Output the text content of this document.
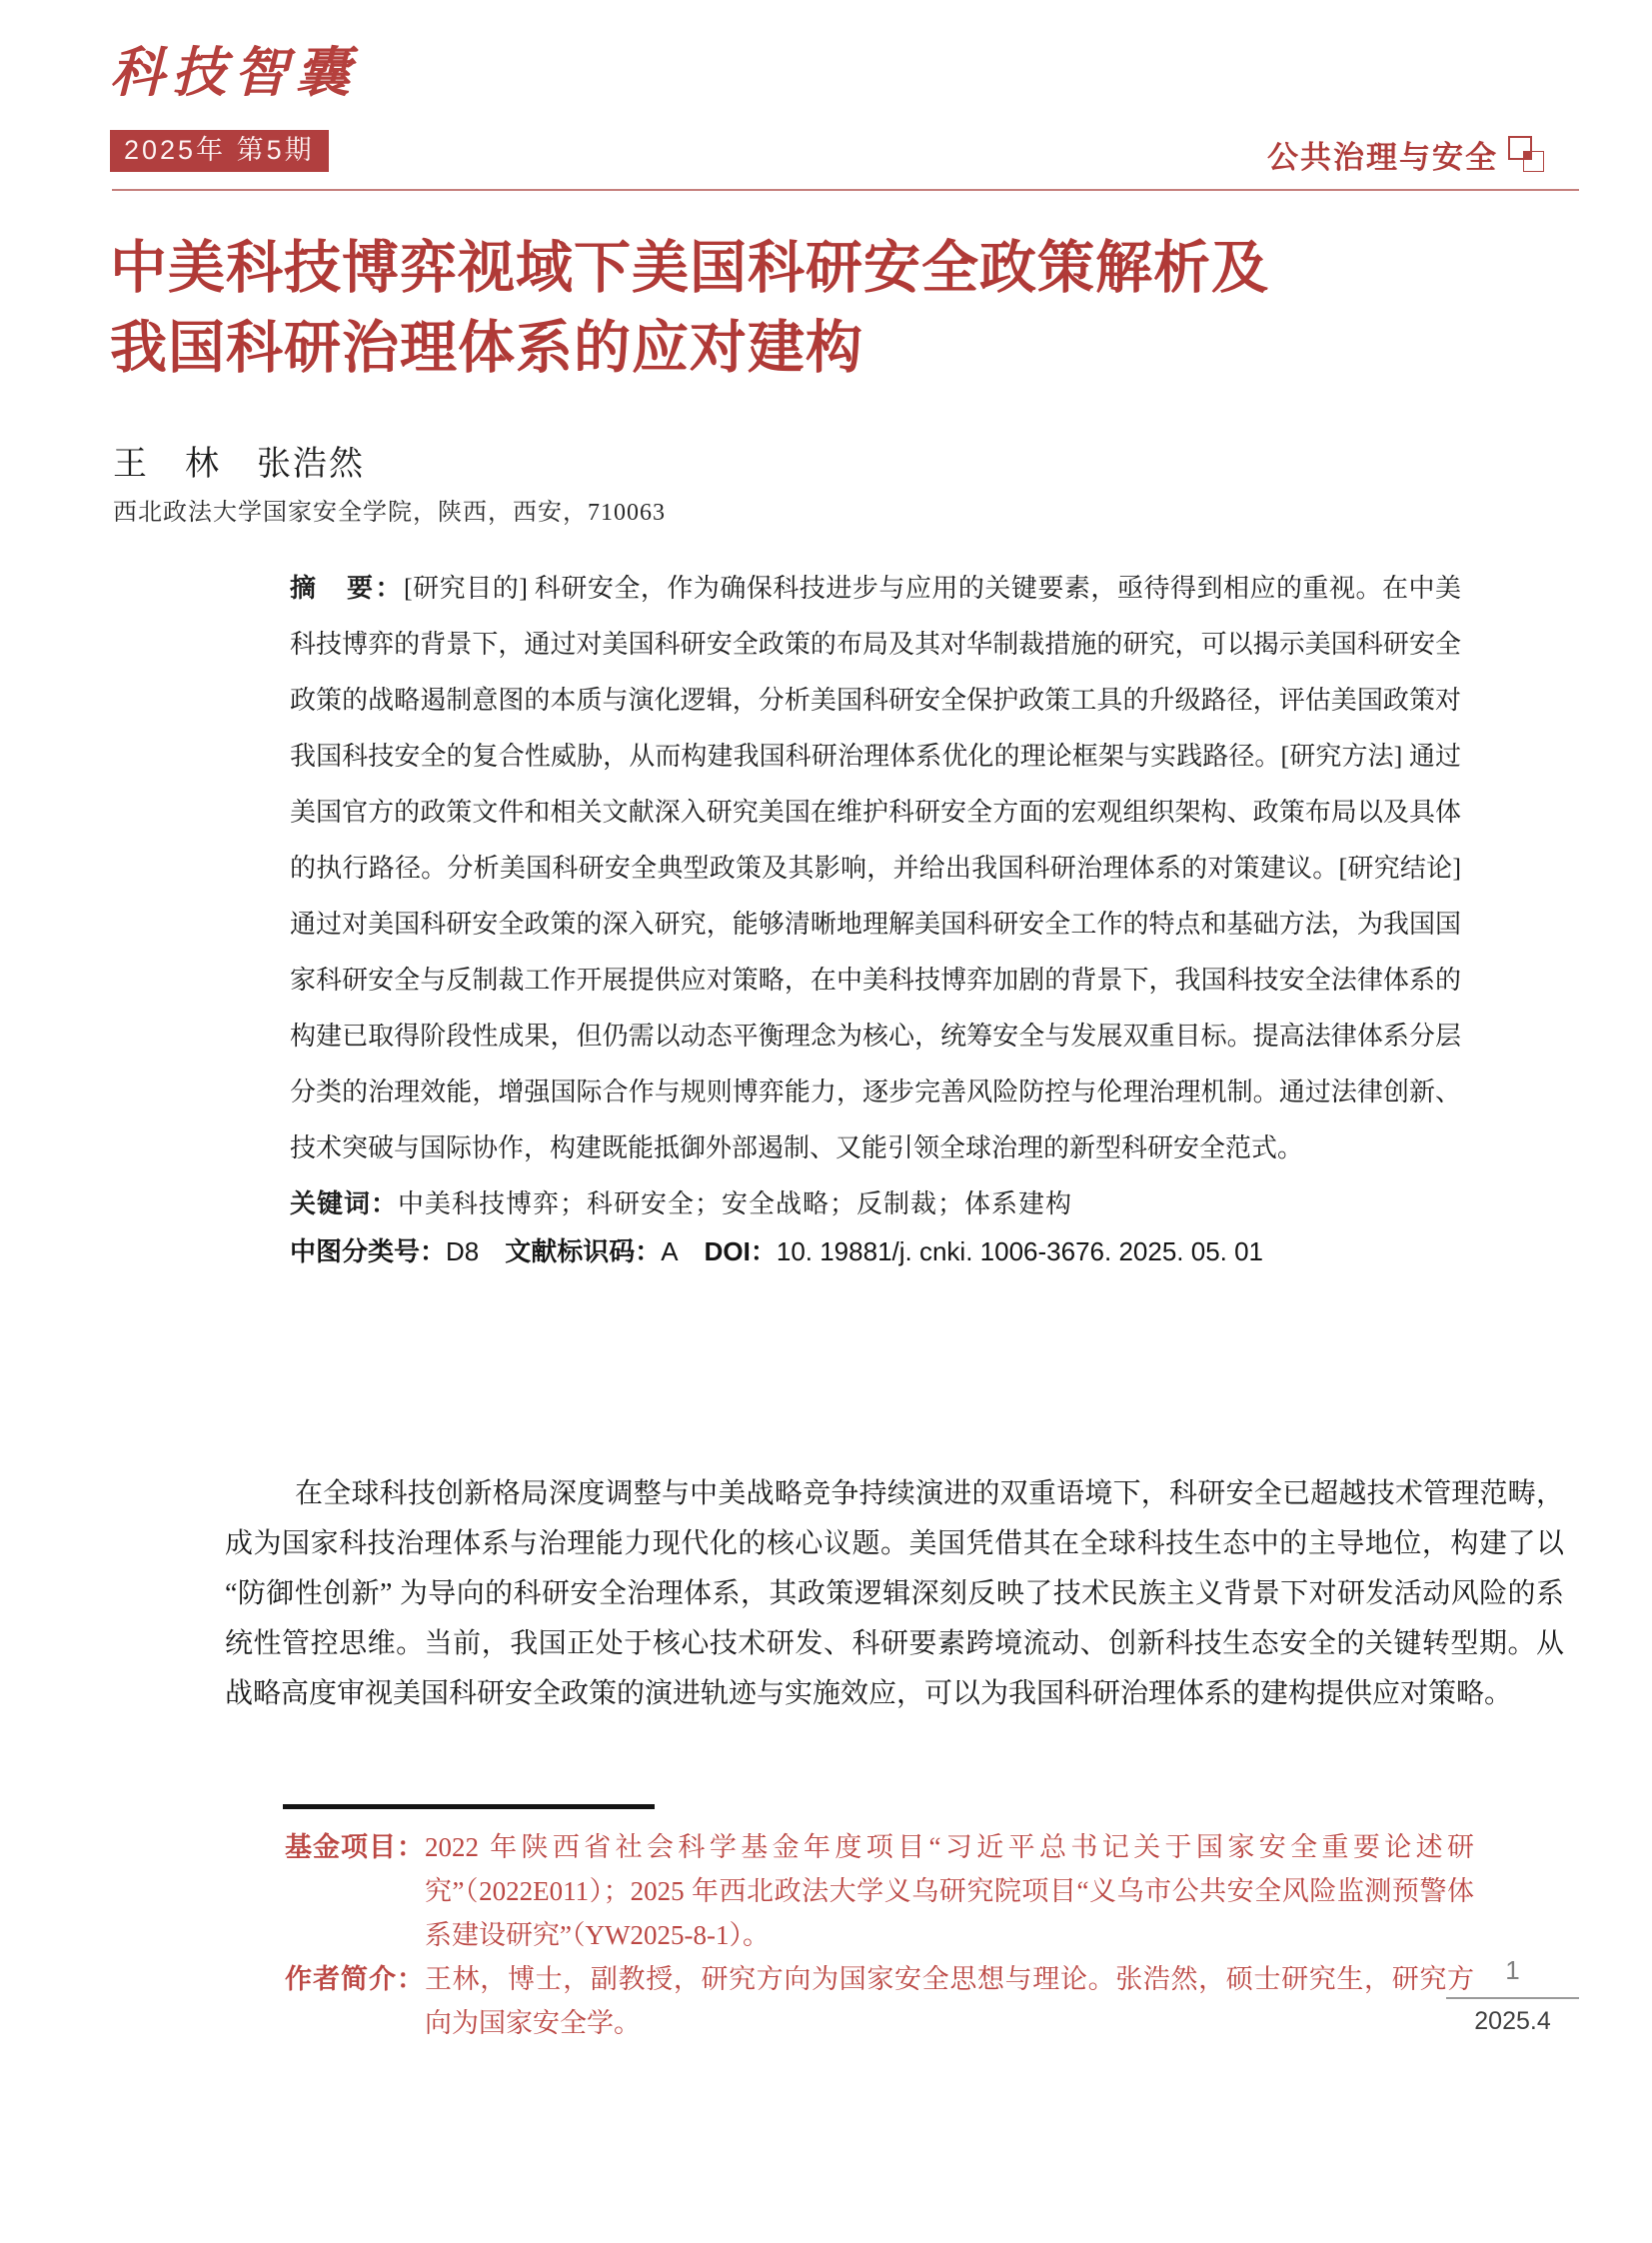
科技智囊
2025年 第5期	公共治理与安全
中美科技博弈视域下美国科研安全政策解析及
我国科研治理体系的应对建构
王　林　张浩然
西北政法大学国家安全学院，陕西，西安，710063

摘　要：[研究目的] 科研安全，作为确保科技进步与应用的关键要素，亟待得到相应的重视。在中美科技博弈的背景下，通过对美国科研安全政策的布局及其对华制裁措施的研究，可以揭示美国科研安全政策的战略遏制意图的本质与演化逻辑，分析美国科研安全保护政策工具的升级路径，评估美国政策对我国科技安全的复合性威胁，从而构建我国科研治理体系优化的理论框架与实践路径。[研究方法] 通过美国官方的政策文件和相关文献深入研究美国在维护科研安全方面的宏观组织架构、政策布局以及具体的执行路径。分析美国科研安全典型政策及其影响，并给出我国科研治理体系的对策建议。[研究结论] 通过对美国科研安全政策的深入研究，能够清晰地理解美国科研安全工作的特点和基础方法，为我国国家科研安全与反制裁工作开展提供应对策略，在中美科技博弈加剧的背景下，我国科技安全法律体系的构建已取得阶段性成果，但仍需以动态平衡理念为核心，统筹安全与发展双重目标。提高法律体系分层分类的治理效能，增强国际合作与规则博弈能力，逐步完善风险防控与伦理治理机制。通过法律创新、技术突破与国际协作，构建既能抵御外部遏制、又能引领全球治理的新型科研安全范式。

关键词：中美科技博弈；科研安全；安全战略；反制裁；体系建构
中图分类号：D8 文献标识码：A DOI：10. 19881/j. cnki. 1006-3676. 2025. 05. 01

在全球科技创新格局深度调整与中美战略竞争持续演进的双重语境下，科研安全已超越技术管理范畴，成为国家科技治理体系与治理能力现代化的核心议题。美国凭借其在全球科技生态中的主导地位，构建了以 “防御性创新” 为导向的科研安全治理体系，其政策逻辑深刻反映了技术民族主义背景下对研发活动风险的系统性管控思维。当前，我国正处于核心技术研发、科研要素跨境流动、创新科技生态安全的关键转型期。从战略高度审视美国科研安全政策的演进轨迹与实施效应，可以为我国科研治理体系的建构提供应对策略。

基金项目： 2022 年陕西省社会科学基金年度项目“习近平总书记关于国家安全重要论述研究”（2022E011）；2025 年西北政法大学义乌研究院项目“义乌市公共安全风险监测预警体系建设研究”（YW2025-8-1）。
作者简介： 王林，博士，副教授，研究方向为国家安全思想与理论。张浩然，硕士研究生，研究方向为国家安全学。
1
2025.4
